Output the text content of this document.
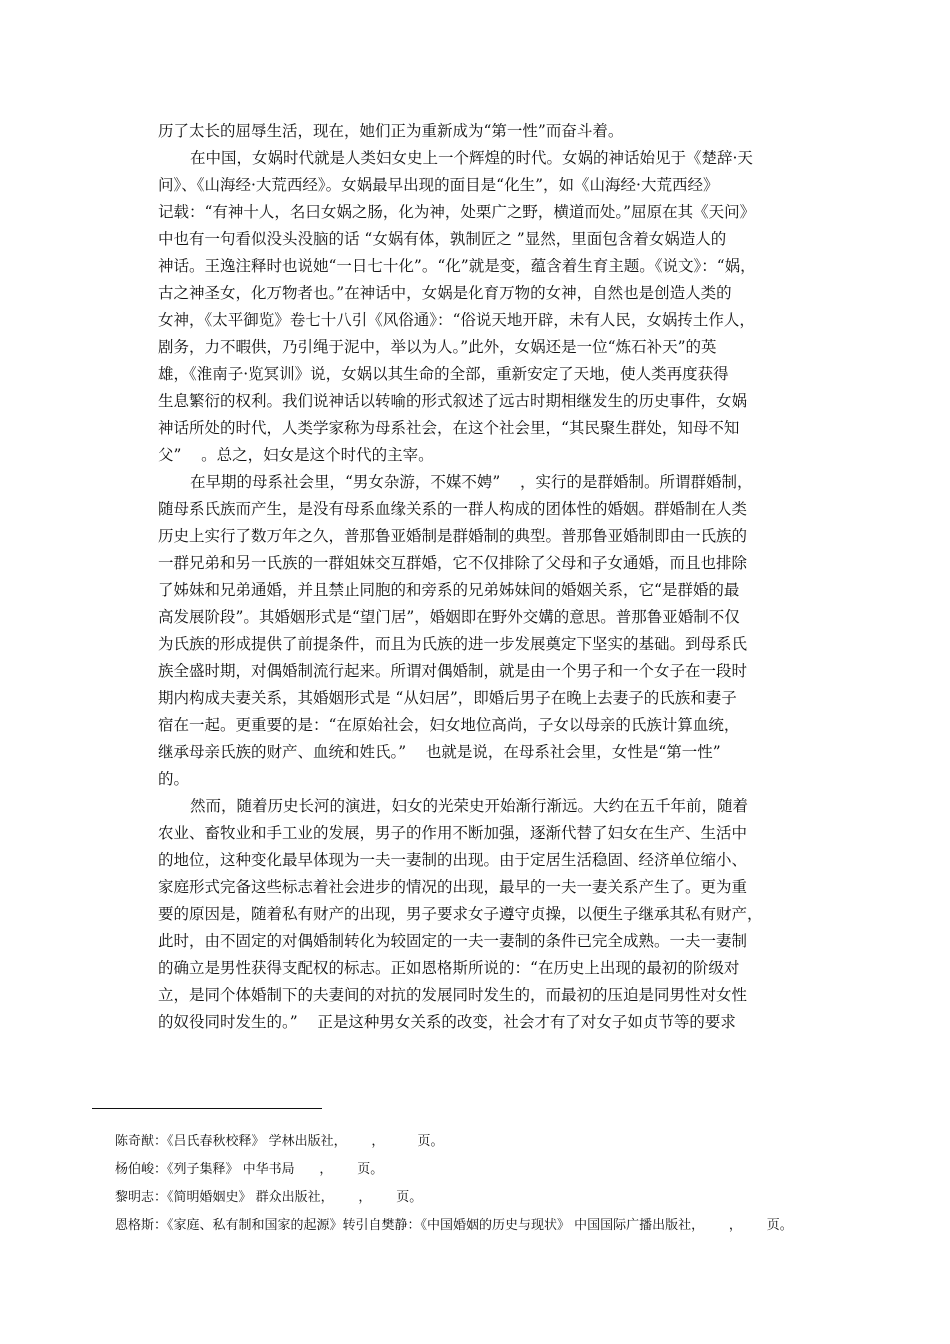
历了太长的屈辱生活，现在，她们正为重新成为“第一性”而奋斗着。
在中国，女娲时代就是人类妇女史上一个辉煌的时代。女娲的神话始见于《楚辞·天
问》、《山海经·大荒西经》。女娲最早出现的面目是“化生”，如《山海经·大荒西经》
记载：“有神十人，名曰女娲之肠，化为神，处栗广之野，横道而处。”屈原在其《天问》
中也有一句看似没头没脑的话 “女娲有体，孰制匠之 ”显然，里面包含着女娲造人的
神话。王逸注释时也说她“一日七十化”。“化”就是变，蕴含着生育主题。《说文》：“娲，
古之神圣女，化万物者也。”在神话中，女娲是化育万物的女神，自然也是创造人类的
女神，《太平御览》卷七十八引《风俗通》：“俗说天地开辟，未有人民，女娲抟土作人，
剧务，力不暇供，乃引绳于泥中，举以为人。”此外，女娲还是一位“炼石补天”的英
雄，《淮南子·览冥训》说，女娲以其生命的全部，重新安定了天地，使人类再度获得
生息繁衍的权利。我们说神话以转喻的形式叙述了远古时期相继发生的历史事件，女娲
神话所处的时代，人类学家称为母系社会，在这个社会里，“其民聚生群处，知母不知
父”    。总之，妇女是这个时代的主宰。
在早期的母系社会里，“男女杂游，不媒不娉”    ，实行的是群婚制。所谓群婚制，
随母系氏族而产生，是没有母系血缘关系的一群人构成的团体性的婚姻。群婚制在人类
历史上实行了数万年之久，普那鲁亚婚制是群婚制的典型。普那鲁亚婚制即由一氏族的
一群兄弟和另一氏族的一群姐妹交互群婚，它不仅排除了父母和子女通婚，而且也排除
了姊妹和兄弟通婚，并且禁止同胞的和旁系的兄弟姊妹间的婚姻关系，它“是群婚的最
高发展阶段”。其婚姻形式是“望门居”，婚姻即在野外交媾的意思。普那鲁亚婚制不仅
为氏族的形成提供了前提条件，而且为氏族的进一步发展奠定下坚实的基础。到母系氏
族全盛时期，对偶婚制流行起来。所谓对偶婚制，就是由一个男子和一个女子在一段时
期内构成夫妻关系，其婚姻形式是 “从妇居”，即婚后男子在晚上去妻子的氏族和妻子
宿在一起。更重要的是：“在原始社会，妇女地位高尚，子女以母亲的氏族计算血统，
继承母亲氏族的财产、血统和姓氏。”    也就是说，在母系社会里，女性是“第一性”
的。
然而，随着历史长河的演进，妇女的光荣史开始渐行渐远。大约在五千年前，随着
农业、畜牧业和手工业的发展，男子的作用不断加强，逐渐代替了妇女在生产、生活中
的地位，这种变化最早体现为一夫一妻制的出现。由于定居生活稳固、经济单位缩小、
家庭形式完备这些标志着社会进步的情况的出现，最早的一夫一妻关系产生了。更为重
要的原因是，随着私有财产的出现，男子要求女子遵守贞操，以便生子继承其私有财产，
此时，由不固定的对偶婚制转化为较固定的一夫一妻制的条件已完全成熟。一夫一妻制
的确立是男性获得支配权的标志。正如恩格斯所说的：“在历史上出现的最初的阶级对
立，是同个体婚制下的夫妻间的对抗的发展同时发生的，而最初的压迫是同男性对女性
的奴役同时发生的。”    正是这种男女关系的改变，社会才有了对女子如贞节等的要求
陈奇猷：《吕氏春秋校释》 学林出版社，      ，        页。
杨伯峻：《列子集释》 中华书局      ，      页。
黎明志：《简明婚姻史》 群众出版社，      ，      页。
恩格斯：《家庭、私有制和国家的起源》转引自樊静：《中国婚姻的历史与现状》 中国国际广播出版社，      ，      页。
